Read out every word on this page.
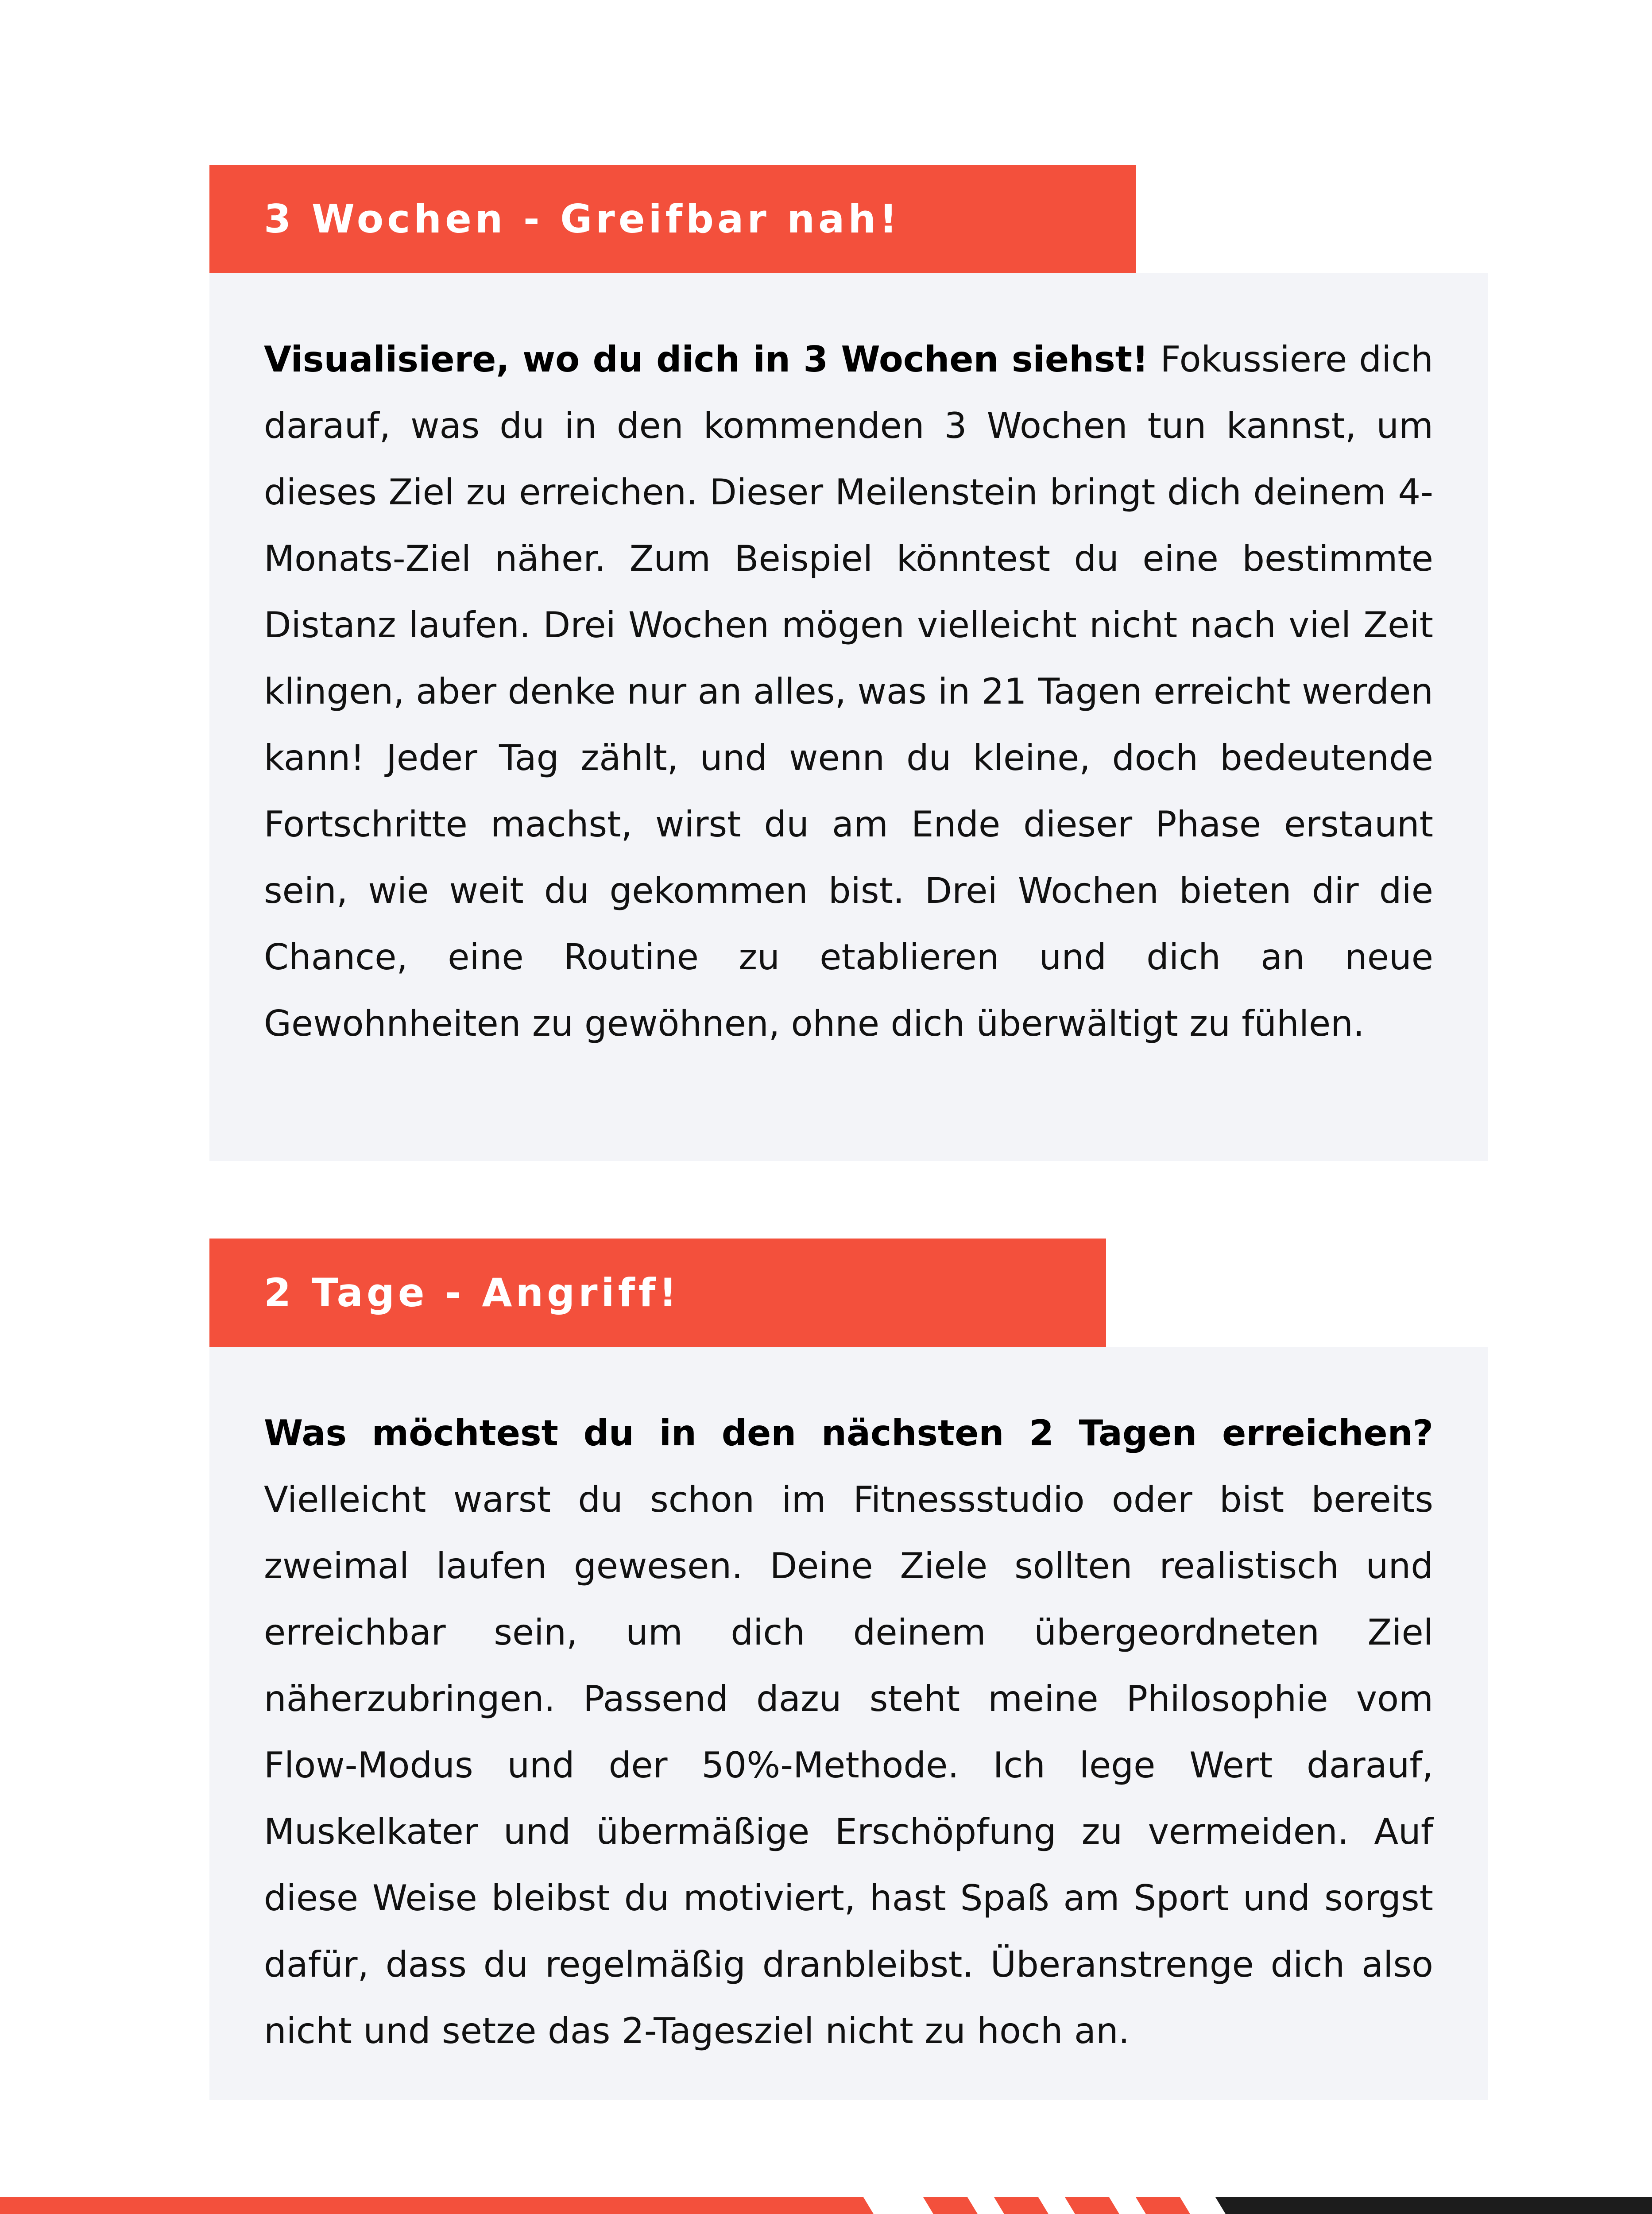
3 Wochen - Greifbar nah!

Visualisiere, wo du dich in 3 Wochen siehst! Fokussiere dich darauf, was du in den kommenden 3 Wochen tun kannst, um dieses Ziel zu erreichen. Dieser Meilenstein bringt dich deinem 4-Monats-Ziel näher. Zum Beispiel könntest du eine bestimmte Distanz laufen. Drei Wochen mögen vielleicht nicht nach viel Zeit klingen, aber denke nur an alles, was in 21 Tagen erreicht werden kann! Jeder Tag zählt, und wenn du kleine, doch bedeutende Fortschritte machst, wirst du am Ende dieser Phase erstaunt sein, wie weit du gekommen bist. Drei Wochen bieten dir die Chance, eine Routine zu etablieren und dich an neue Gewohnheiten zu gewöhnen, ohne dich überwältigt zu fühlen.

2 Tage - Angriff!

Was möchtest du in den nächsten 2 Tagen erreichen? Vielleicht warst du schon im Fitnessstudio oder bist bereits zweimal laufen gewesen. Deine Ziele sollten realistisch und erreichbar sein, um dich deinem übergeordneten Ziel näherzubringen. Passend dazu steht meine Philosophie vom Flow-Modus und der 50%-Methode. Ich lege Wert darauf, Muskelkater und übermäßige Erschöpfung zu vermeiden. Auf diese Weise bleibst du motiviert, hast Spaß am Sport und sorgst dafür, dass du regelmäßig dranbleibst. Überanstrenge dich also nicht und setze das 2-Tagesziel nicht zu hoch an.
